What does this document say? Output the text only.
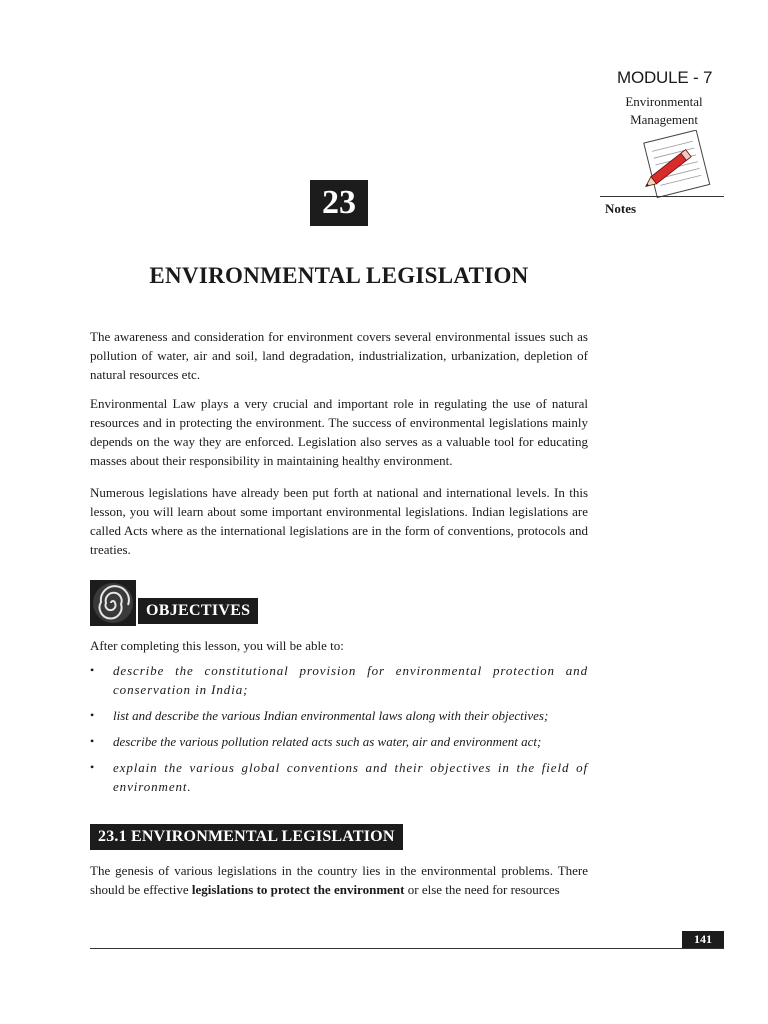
MODULE - 7
Environmental
Management
Notes
23
ENVIRONMENTAL LEGISLATION
The awareness and consideration for environment covers several environmental issues such as pollution of water, air and soil, land degradation, industrialization, urbanization, depletion of natural resources etc.
Environmental Law plays a very crucial and important role in regulating the use of natural resources and in protecting the environment. The success of environmental legislations mainly depends on the way they are enforced. Legislation also serves as a valuable tool for educating masses about their responsibility in maintaining healthy environment.
Numerous legislations have already been put forth at national and international levels. In this lesson, you will learn about some important environmental legislations. Indian legislations are called Acts where as the international legislations are in the form of conventions, protocols and treaties.
OBJECTIVES
After completing this lesson, you will be able to:
• describe the constitutional provision for environmental protection and conservation in India;
• list and describe the various Indian environmental laws along with their objectives;
• describe the various pollution related acts such as water, air and environment act;
• explain the various global conventions and their objectives in the field of environment.
23.1 ENVIRONMENTAL LEGISLATION
The genesis of various legislations in the country lies in the environmental problems. There should be effective legislations to protect the environment or else the need for resources
141
